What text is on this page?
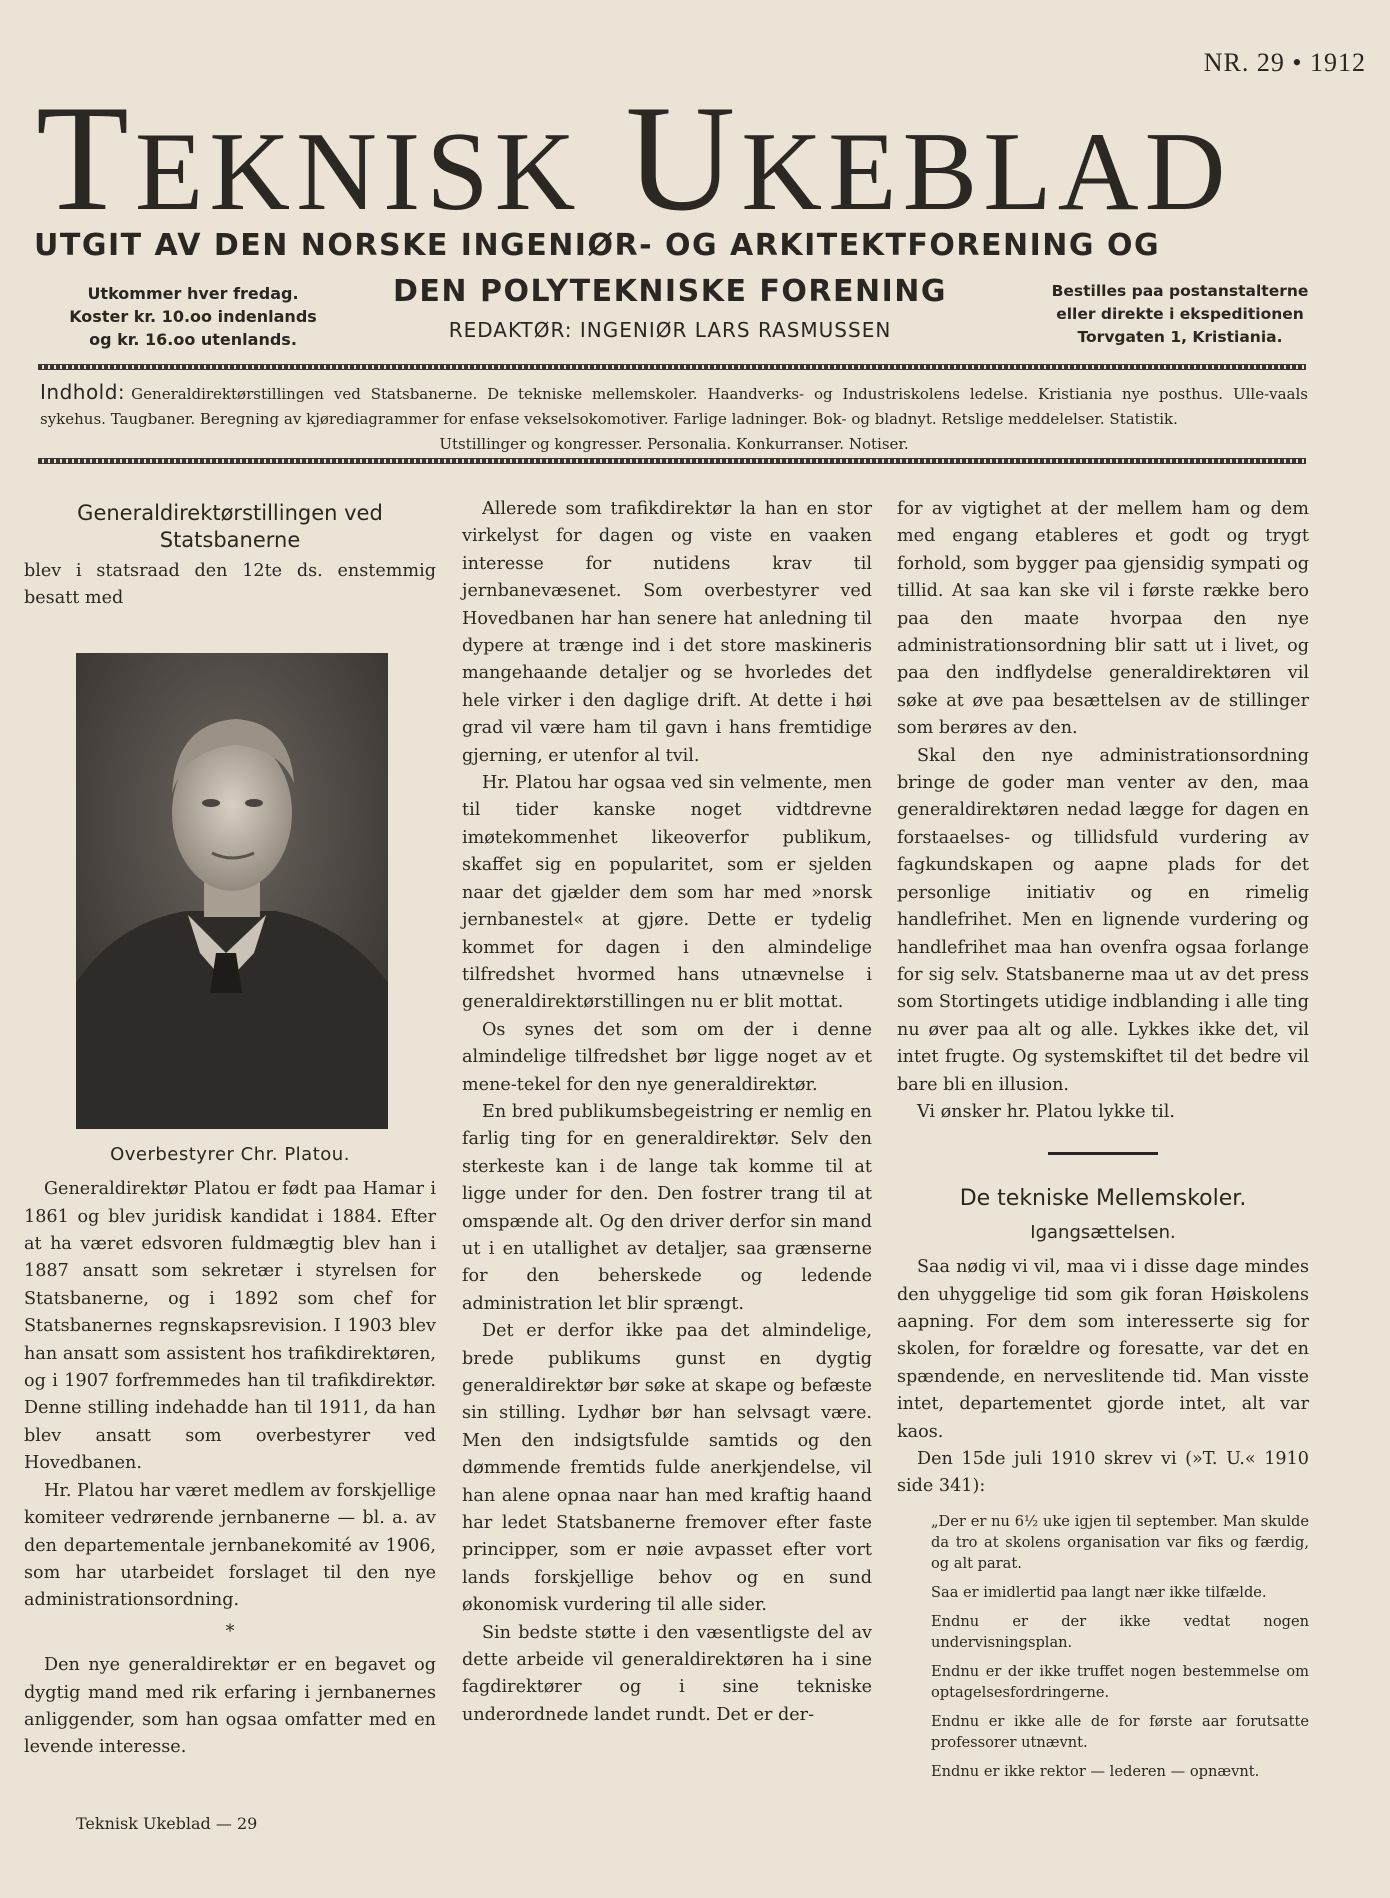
NR. 29 • 1912
TEKNISK UKEBLAD
UTGIT AV DEN NORSKE INGENIØR- OG ARKITEKTFORENING OG
Utkommer hver fredag.
Koster kr. 10.oo indenlands
og kr. 16.oo utenlands.
DEN POLYTEKNISKE FORENING
REDAKTØR: INGENIØR LARS RASMUSSEN
Bestilles paa postanstalterne
eller direkte i ekspeditionen
Torvgaten 1, Kristiania.
Indhold: Generaldirektørstillingen ved Statsbanerne. De tekniske mellemskoler. Haandverks- og Industriskolens ledelse. Kristiania nye posthus. Ulle-vaals sykehus. Taugbaner. Beregning av kjørediagrammer for enfase vekselsokomotiver. Farlige ladninger. Bok- og bladnyt. Retslige meddelelser. Statistik.
Utstillinger og kongresser. Personalia. Konkurranser. Notiser.
Generaldirektørstillingen ved Statsbanerne

blev i statsraad den 12te ds. enstemmig besatt med

Overbestyrer Chr. Platou.

Generaldirektør Platou er født paa Hamar i 1861 og blev juridisk kandidat i 1884. Efter at ha været edsvoren fuldmægtig blev han i 1887 ansatt som sekretær i styrelsen for Statsbanerne, og i 1892 som chef for Statsbanernes regnskapsrevision. I 1903 blev han ansatt som assistent hos trafikdirektøren, og i 1907 forfremmedes han til trafikdirektør. Denne stilling indehadde han til 1911, da han blev ansatt som overbestyrer ved Hovedbanen.

Hr. Platou har været medlem av forskjellige komiteer vedrørende jernbanerne — bl. a. av den departementale jernbanekomité av 1906, som har utarbeidet forslaget til den nye administrationsordning.

*

Den nye generaldirektør er en begavet og dygtig mand med rik erfaring i jernbanernes anliggender, som han ogsaa omfatter med en levende interesse.

Allerede som trafikdirektør la han en stor virkelyst for dagen og viste en vaaken interesse for nutidens krav til jernbanevæsenet. Som overbestyrer ved Hovedbanen har han senere hat anledning til dypere at trænge ind i det store maskineris mangehaande detaljer og se hvorledes det hele virker i den daglige drift. At dette i høi grad vil være ham til gavn i hans fremtidige gjerning, er utenfor al tvil.

Hr. Platou har ogsaa ved sin velmente, men til tider kanske noget vidtdrevne imøtekommenhet likeoverfor publikum, skaffet sig en popularitet, som er sjelden naar det gjælder dem som har med »norsk jernbanestel« at gjøre. Dette er tydelig kommet for dagen i den almindelige tilfredshet hvormed hans utnævnelse i generaldirektørstillingen nu er blit mottat.

Os synes det som om der i denne almindelige tilfredshet bør ligge noget av et mene-tekel for den nye generaldirektør.

En bred publikumsbegeistring er nemlig en farlig ting for en generaldirektør. Selv den sterkeste kan i de lange tak komme til at ligge under for den. Den fostrer trang til at omspænde alt. Og den driver derfor sin mand ut i en utallighet av detaljer, saa grænserne for den beherskede og ledende administration let blir sprængt.

Det er derfor ikke paa det almindelige, brede publikums gunst en dygtig generaldirektør bør søke at skape og befæste sin stilling. Lydhør bør han selvsagt være. Men den indsigtsfulde samtids og den dømmende fremtids fulde anerkjendelse, vil han alene opnaa naar han med kraftig haand har ledet Statsbanerne fremover efter faste principper, som er nøie avpasset efter vort lands forskjellige behov og en sund økonomisk vurdering til alle sider.

Sin bedste støtte i den væsentligste del av dette arbeide vil generaldirektøren ha i sine fagdirektører og i sine tekniske underordnede landet rundt. Det er der-

for av vigtighet at der mellem ham og dem med engang etableres et godt og trygt forhold, som bygger paa gjensidig sympati og tillid. At saa kan ske vil i første række bero paa den maate hvorpaa den nye administrationsordning blir satt ut i livet, og paa den indflydelse generaldirektøren vil søke at øve paa besættelsen av de stillinger som berøres av den.

Skal den nye administrationsordning bringe de goder man venter av den, maa generaldirektøren nedad lægge for dagen en forstaaelses- og tillidsfuld vurdering av fagkundskapen og aapne plads for det personlige initiativ og en rimelig handlefrihet. Men en lignende vurdering og handlefrihet maa han ovenfra ogsaa forlange for sig selv. Statsbanerne maa ut av det press som Stortingets utidige indblanding i alle ting nu øver paa alt og alle. Lykkes ikke det, vil intet frugte. Og systemskiftet til det bedre vil bare bli en illusion.

Vi ønsker hr. Platou lykke til.

De tekniske Mellemskoler.
Igangsættelsen.

Saa nødig vi vil, maa vi i disse dage mindes den uhyggelige tid som gik foran Høiskolens aapning. For dem som interesserte sig for skolen, for forældre og foresatte, var det en spændende, en nerveslitende tid. Man visste intet, departementet gjorde intet, alt var kaos.

Den 15de juli 1910 skrev vi (»T. U.« 1910 side 341):

„Der er nu 6½ uke igjen til september. Man skulde da tro at skolens organisation var fiks og færdig, og alt parat.

Saa er imidlertid paa langt nær ikke tilfælde.

Endnu er der ikke vedtat nogen undervisningsplan.

Endnu er der ikke truffet nogen bestemmelse om optagelsesfordringerne.

Endnu er ikke alle de for første aar forutsatte professorer utnævnt.

Endnu er ikke rektor — lederen — opnævnt.

Teknisk Ukeblad — 29
